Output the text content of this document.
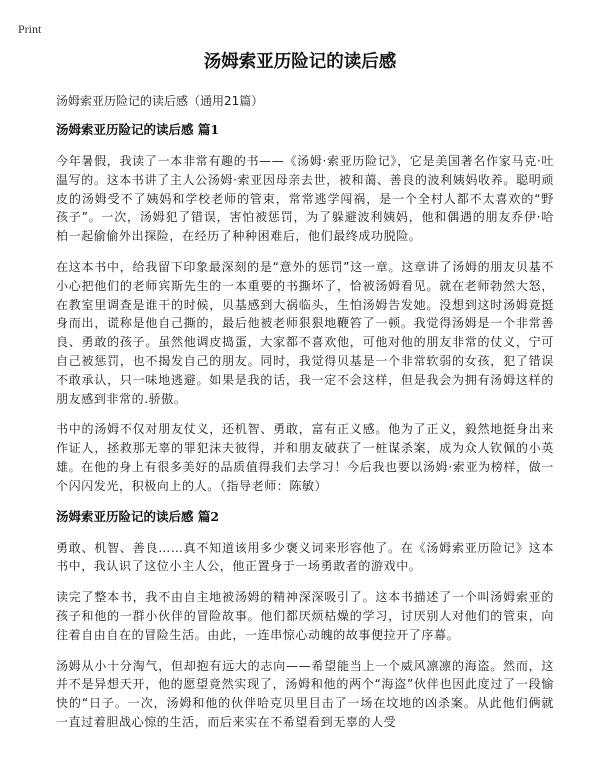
Print
汤姆索亚历险记的读后感
汤姆索亚历险记的读后感（通用21篇）
汤姆索亚历险记的读后感 篇1

今年暑假，我读了一本非常有趣的书——《汤姆·索亚历险记》，它是美国著名作家马克·吐温写的。这本书讲了主人公汤姆·索亚因母亲去世，被和蔼、善良的波利姨妈收养。聪明顽皮的汤姆受不了姨妈和学校老师的管束，常常逃学闯祸，是一个全村人都不太喜欢的“野孩子”。一次，汤姆犯了错误，害怕被惩罚，为了躲避波利姨妈，他和偶遇的朋友乔伊·哈柏一起偷偷外出探险，在经历了种种困难后，他们最终成功脱险。

在这本书中，给我留下印象最深刻的是“意外的惩罚”这一章。这章讲了汤姆的朋友贝基不小心把他们的老师宾斯先生的一本重要的书撕坏了，恰被汤姆看见。就在老师勃然大怒，在教室里调查是谁干的时候，贝基感到大祸临头，生怕汤姆告发她。没想到这时汤姆竟挺身而出，谎称是他自己撕的，最后他被老师狠狠地鞭笞了一顿。我觉得汤姆是一个非常善良、勇敢的孩子。虽然他调皮捣蛋，大家都不喜欢他，可他对他的朋友非常的仗义，宁可自己被惩罚，也不揭发自己的朋友。同时，我觉得贝基是一个非常软弱的女孩，犯了错误不敢承认，只一味地逃避。如果是我的话，我一定不会这样，但是我会为拥有汤姆这样的朋友感到非常的.骄傲。

书中的汤姆不仅对朋友仗义，还机智、勇敢，富有正义感。他为了正义，毅然地挺身出来作证人，拯救那无辜的罪犯沫夫彼得，并和朋友破获了一桩谋杀案，成为众人钦佩的小英雄。在他的身上有很多美好的品质值得我们去学习！今后我也要以汤姆·索亚为榜样，做一个闪闪发光，积极向上的人。（指导老师：陈敏）

汤姆索亚历险记的读后感 篇2

勇敢、机智、善良……真不知道该用多少褒义词来形容他了。在《汤姆索亚历险记》这本书中，我认识了这位小主人公，他正置身于一场勇敢者的游戏中。

读完了整本书，我不由自主地被汤姆的精神深深吸引了。这本书描述了一个叫汤姆索亚的孩子和他的一群小伙伴的冒险故事。他们都厌烦枯燥的学习，讨厌别人对他们的管束，向往着自由自在的冒险生活。由此，一连串惊心动魄的故事便拉开了序幕。

汤姆从小十分淘气，但却抱有远大的志向——希望能当上一个威风凛凛的海盗。然而，这并不是异想天开，他的愿望竟然实现了，汤姆和他的两个“海盗”伙伴也因此度过了一段愉快的“日子。一次，汤姆和他的伙伴哈克贝里目击了一场在坟地的凶杀案。从此他们俩就一直过着胆战心惊的生活，而后来实在不希望看到无辜的人受
